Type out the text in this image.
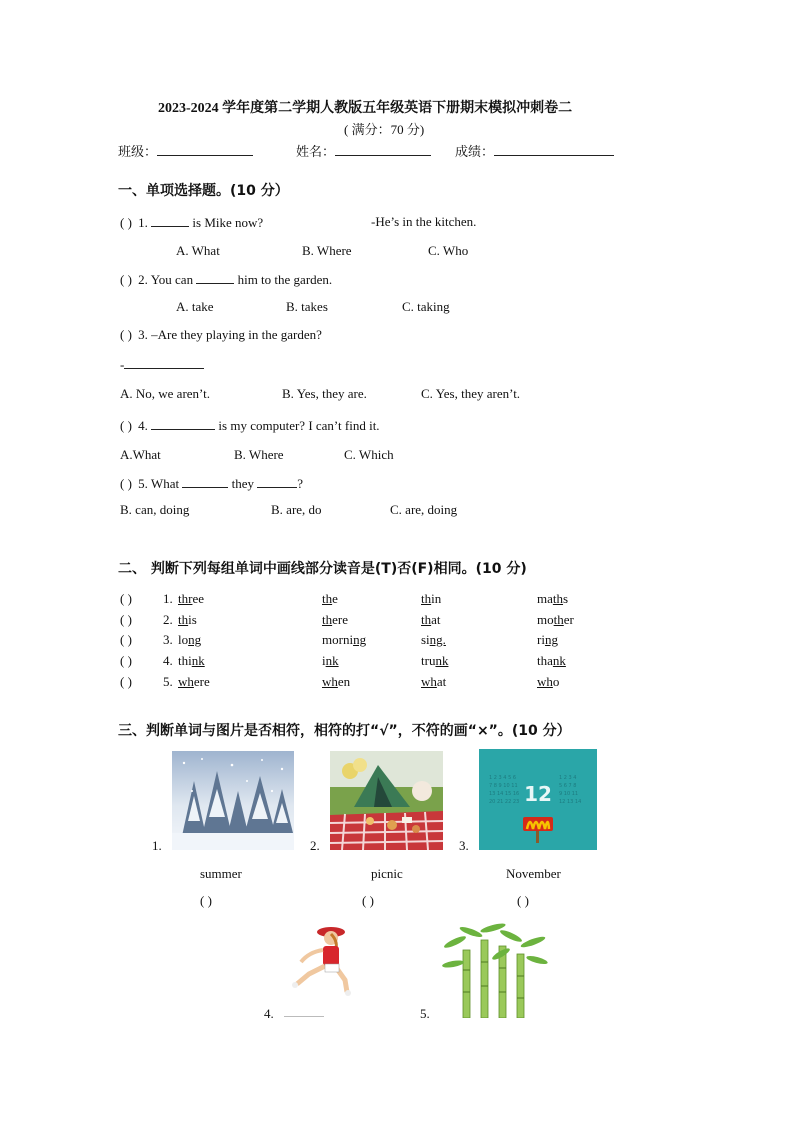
2023-2024 学年度第二学期人教版五年级英语下册期末模拟冲刺卷二
( 满分：70 分)
班级：	姓名：	成绩：
一、单项选择题。(10 分）
( ) 1.	is Mike now?	-He’s in the kitchen.
A. What	B. Where	C. Who
( ) 2. You can	him to the garden.
A. take	B. takes	C. taking
( ) 3. –Are they playing in the garden?
-
A. No, we aren’t.	B. Yes, they are.	C. Yes, they aren’t.
( ) 4.	is my computer? I can’t find it.
A.What	B. Where	C. Which
( ) 5. What	they	?
B. can, doing	B. are, do	C. are, doing
二、 判断下列每组单词中画线部分读音是(T)否(F)相同。(10 分)
( ) 1. three	the	thin	maths
( ) 2. this	there	that	mother
( ) 3. long	morning	sing.	ring
( ) 4. think	ink	trunk	thank
( ) 5. where	when	what	who
三、判断单词与图片是否相符，相符的打“√”，不符的画“×”。(10 分）
1.	2.
1 2 3 4 5 6	1 2 3 4
7 8 9 10 11	5 6 7 8
13 14 15 16	9 10 11
20 21 22 23	12 13 14
12
3.
summer	picnic	November
( )	( )	( )
4.	5.
